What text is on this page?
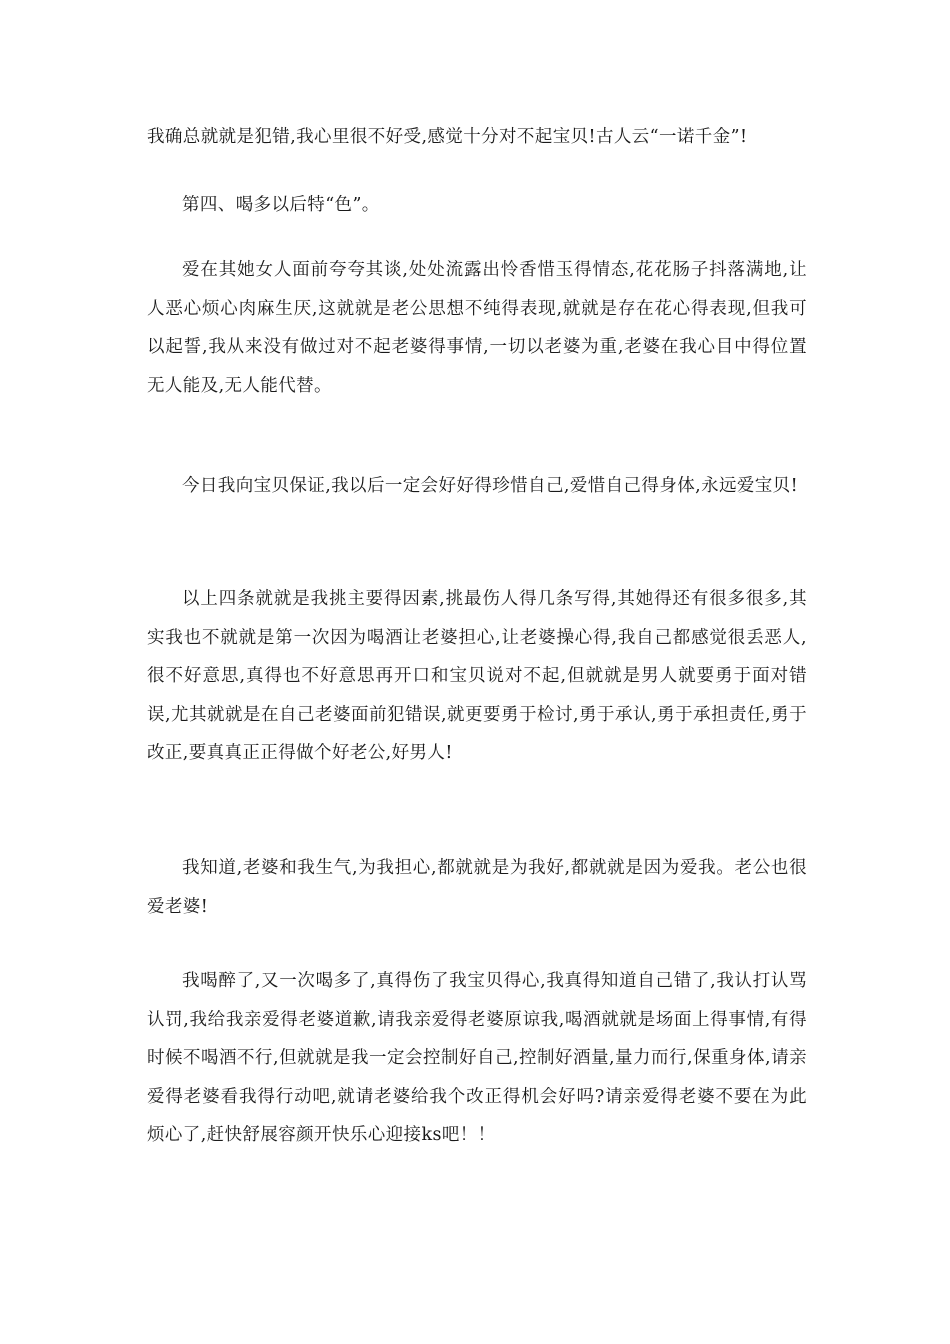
我确总就就是犯错,我心里很不好受,感觉十分对不起宝贝!古人云“一诺千金”!

第四、喝多以后特“色”。

爱在其她女人面前夸夸其谈,处处流露出怜香惜玉得情态,花花肠子抖落满地,让人恶心烦心肉麻生厌,这就就是老公思想不纯得表现,就就是存在花心得表现,但我可以起誓,我从来没有做过对不起老婆得事情,一切以老婆为重,老婆在我心目中得位置无人能及,无人能代替。

今日我向宝贝保证,我以后一定会好好得珍惜自己,爱惜自己得身体,永远爱宝贝!

以上四条就就是我挑主要得因素,挑最伤人得几条写得,其她得还有很多很多,其实我也不就就是第一次因为喝酒让老婆担心,让老婆操心得,我自己都感觉很丢恶人,很不好意思,真得也不好意思再开口和宝贝说对不起,但就就是男人就要勇于面对错误,尤其就就是在自己老婆面前犯错误,就更要勇于检讨,勇于承认,勇于承担责任,勇于改正,要真真正正得做个好老公,好男人!

我知道,老婆和我生气,为我担心,都就就是为我好,都就就是因为爱我。老公也很爱老婆!

我喝醉了,又一次喝多了,真得伤了我宝贝得心,我真得知道自己错了,我认打认骂认罚,我给我亲爱得老婆道歉,请我亲爱得老婆原谅我,喝酒就就是场面上得事情,有得时候不喝酒不行,但就就是我一定会控制好自己,控制好酒量,量力而行,保重身体,请亲爱得老婆看我得行动吧,就请老婆给我个改正得机会好吗?请亲爱得老婆不要在为此烦心了,赶快舒展容颜开快乐心迎接ks吧！！
